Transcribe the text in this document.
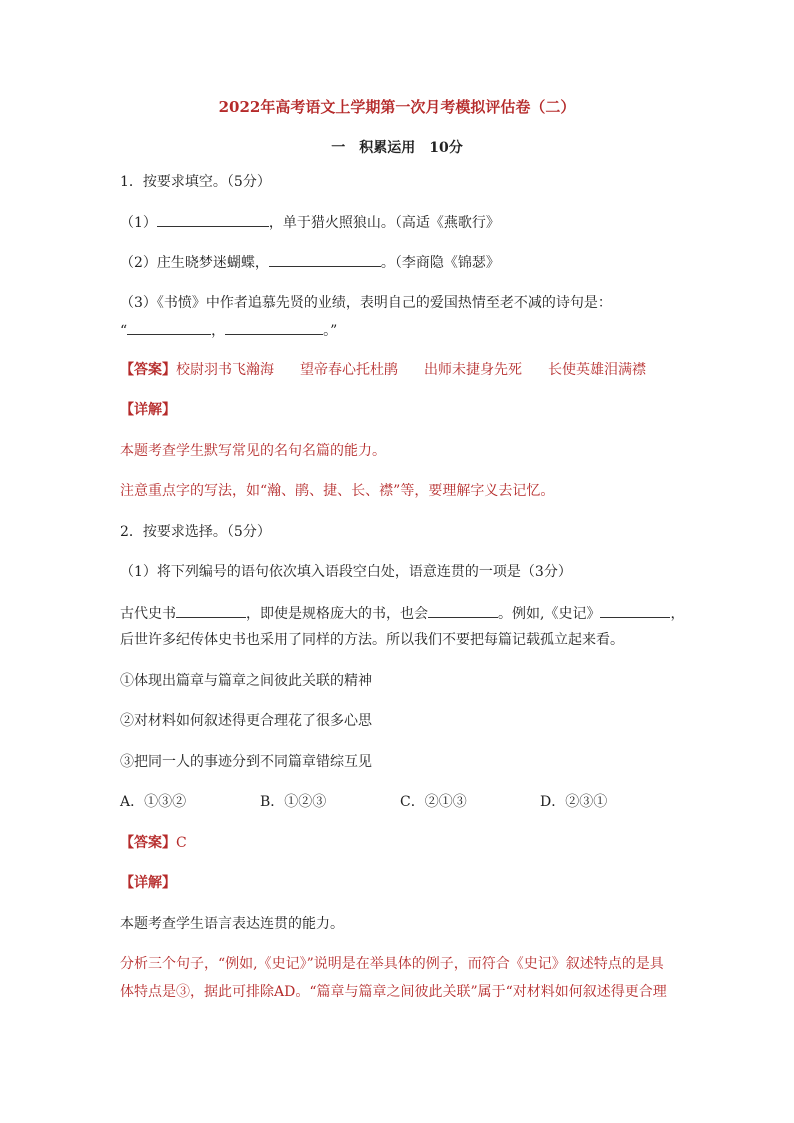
2022年高考语文上学期第一次月考模拟评估卷（二）
一　积累运用　10分
1．按要求填空。（5分）
（1）	，单于猎火照狼山。（高适《燕歌行》
（2）庄生晓梦迷蝴蝶，	。（李商隐《锦瑟》
（3）《书愤》中作者追慕先贤的业绩，表明自己的爱国热情至老不减的诗句是：
“	，	。”
【答案】校尉羽书飞瀚海 望帝春心托杜鹃 出师未捷身先死 长使英雄泪满襟
【详解】
本题考查学生默写常见的名句名篇的能力。
注意重点字的写法，如“瀚、鹃、捷、长、襟”等，要理解字义去记忆。
2．按要求选择。（5分）
（1）将下列编号的语句依次填入语段空白处，语意连贯的一项是（3分）
古代史书	，即使是规格庞大的书，也会	。例如,《史记》	，
后世许多纪传体史书也采用了同样的方法。所以我们不要把每篇记载孤立起来看。
①体现出篇章与篇章之间彼此关联的精神
②对材料如何叙述得更合理花了很多心思
③把同一人的事迹分到不同篇章错综互见
A．①③②	B．①②③	C．②①③	D．②③①
【答案】C
【详解】
本题考查学生语言表达连贯的能力。
分析三个句子，“例如,《史记》”说明是在举具体的例子，而符合《史记》叙述特点的是具
体特点是③，据此可排除AD。“篇章与篇章之间彼此关联”属于“对材料如何叙述得更合理
